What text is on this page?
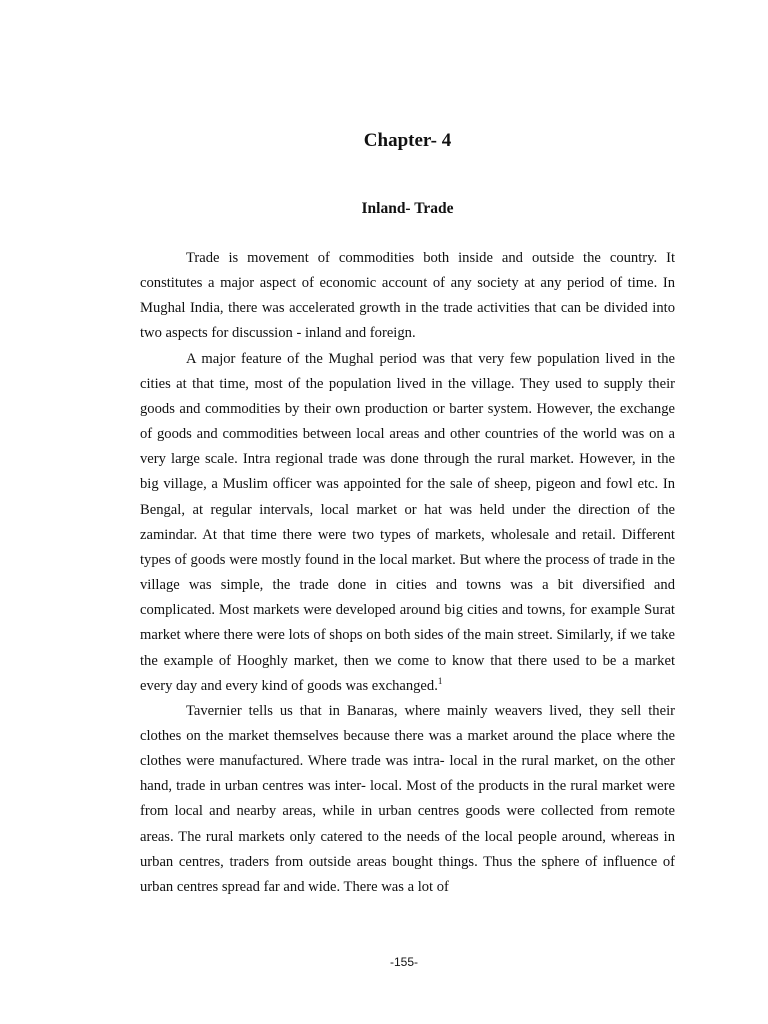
Chapter- 4
Inland- Trade

Trade is movement of commodities both inside and outside the country. It constitutes a major aspect of economic account of any society at any period of time. In Mughal India, there was accelerated growth in the trade activities that can be divided into two aspects for discussion - inland and foreign.

A major feature of the Mughal period was that very few population lived in the cities at that time, most of the population lived in the village. They used to supply their goods and commodities by their own production or barter system. However, the exchange of goods and commodities between local areas and other countries of the world was on a very large scale. Intra regional trade was done through the rural market. However, in the big village, a Muslim officer was appointed for the sale of sheep, pigeon and fowl etc. In Bengal, at regular intervals, local market or hat was held under the direction of the zamindar. At that time there were two types of markets, wholesale and retail. Different types of goods were mostly found in the local market. But where the process of trade in the village was simple, the trade done in cities and towns was a bit diversified and complicated. Most markets were developed around big cities and towns, for example Surat market where there were lots of shops on both sides of the main street. Similarly, if we take the example of Hooghly market, then we come to know that there used to be a market every day and every kind of goods was exchanged.$^1$

Tavernier tells us that in Banaras, where mainly weavers lived, they sell their clothes on the market themselves because there was a market around the place where the clothes were manufactured. Where trade was intra- local in the rural market, on the other hand, trade in urban centres was inter- local. Most of the products in the rural market were from local and nearby areas, while in urban centres goods were collected from remote areas. The rural markets only catered to the needs of the local people around, whereas in urban centres, traders from outside areas bought things. Thus the sphere of influence of urban centres spread far and wide. There was a lot of

-155-
